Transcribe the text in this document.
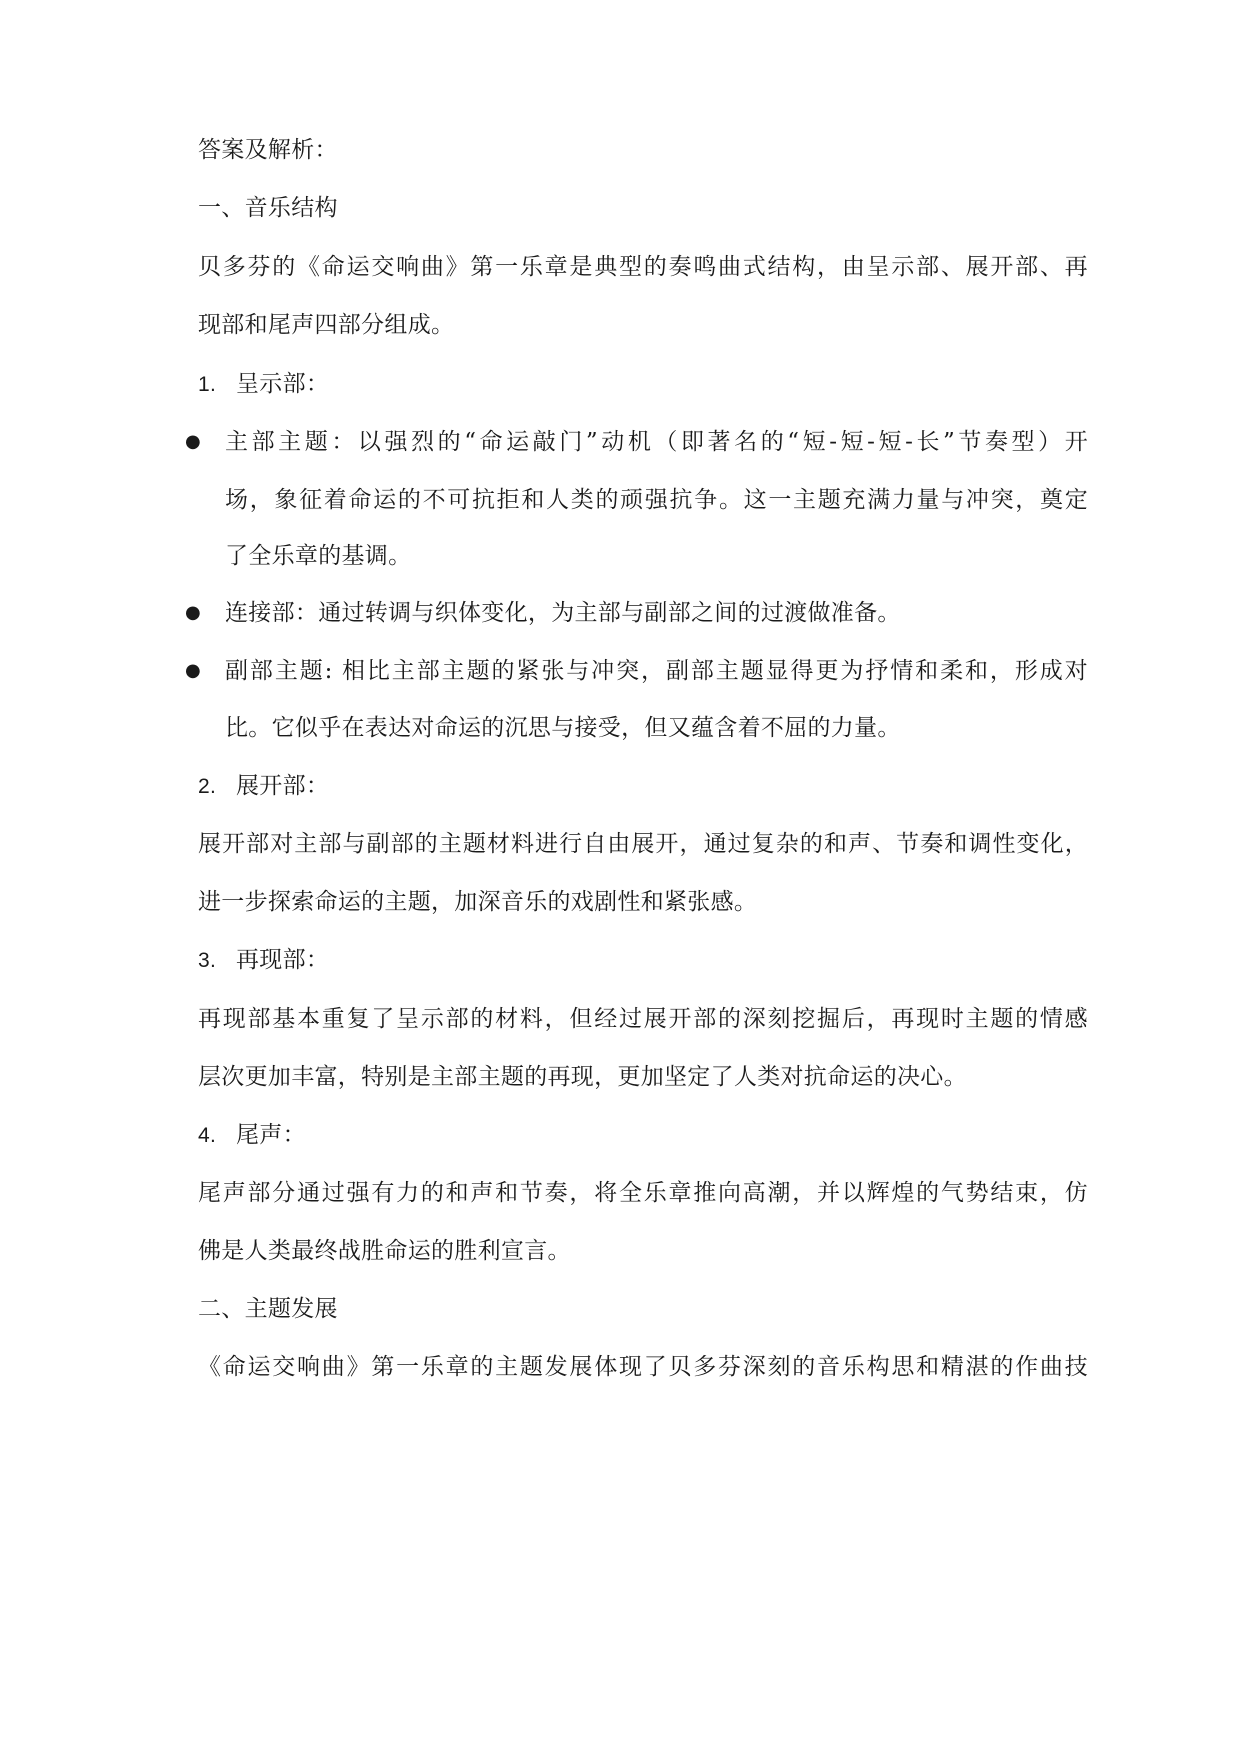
答案及解析：
一、音乐结构
贝多芬的《命运交响曲》第一乐章是典型的奏鸣曲式结构，由呈示部、展开部、再
现部和尾声四部分组成。
1. 呈示部：
● 主部主题：以强烈的“命运敲门”动机（即著名的“短-短-短-长”节奏型）开
场，象征着命运的不可抗拒和人类的顽强抗争。这一主题充满力量与冲突，奠定
了全乐章的基调。
● 连接部：通过转调与织体变化，为主部与副部之间的过渡做准备。
● 副部主题: 相比主部主题的紧张与冲突，副部主题显得更为抒情和柔和，形成对
比。它似乎在表达对命运的沉思与接受，但又蕴含着不屈的力量。
2. 展开部：
展开部对主部与副部的主题材料进行自由展开，通过复杂的和声、节奏和调性变化，
进一步探索命运的主题，加深音乐的戏剧性和紧张感。
3. 再现部：
再现部基本重复了呈示部的材料，但经过展开部的深刻挖掘后，再现时主题的情感
层次更加丰富，特别是主部主题的再现，更加坚定了人类对抗命运的决心。
4. 尾声：
尾声部分通过强有力的和声和节奏，将全乐章推向高潮，并以辉煌的气势结束，仿
佛是人类最终战胜命运的胜利宣言。
二、主题发展
《命运交响曲》第一乐章的主题发展体现了贝多芬深刻的音乐构思和精湛的作曲技
